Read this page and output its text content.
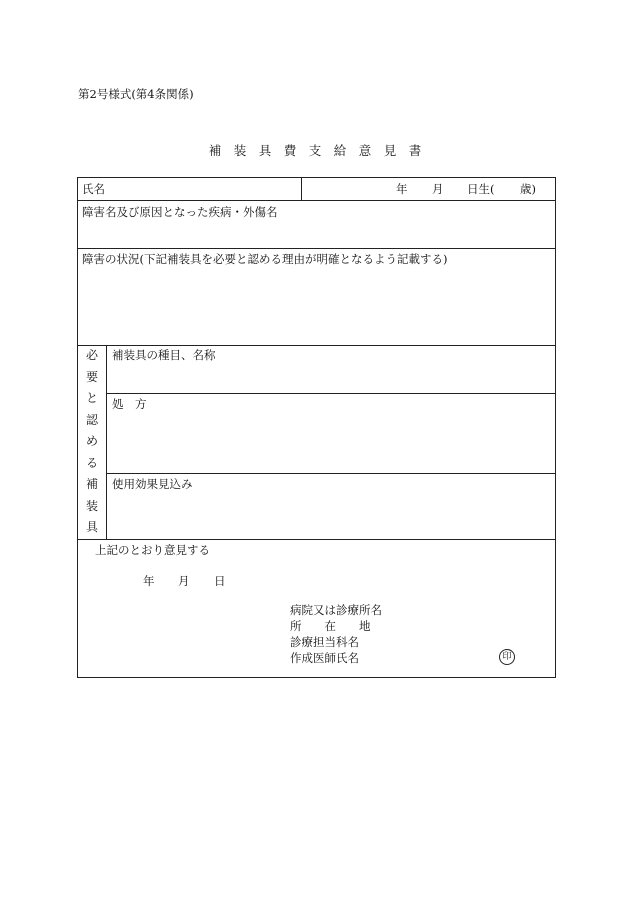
第2号様式(第4条関係)
補　装　具　費　支　給　意　見　書
氏名	年 月 日生( 歳)
障害名及び原因となった疾病・外傷名
障害の状況(下記補装具を必要と認める理由が明確となるよう記載する)
必
要
と
認
め
る
補
装
具
補装具の種目、名称
処　方
使用効果見込み
上記のとおり意見する
年 月 日
病院又は診療所名
所　　在　　地
診療担当科名
作成医師氏名	印
